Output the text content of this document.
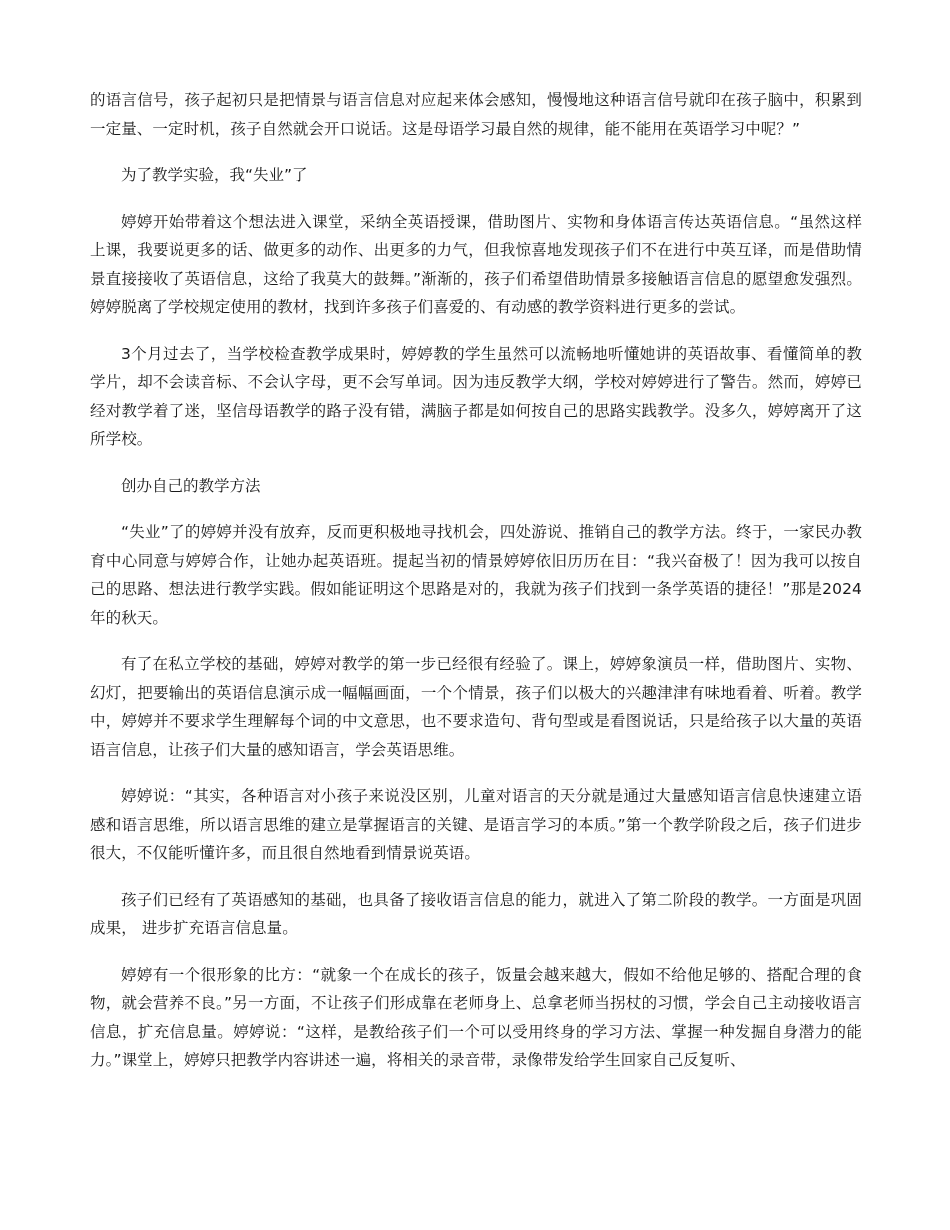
的语言信号，孩子起初只是把情景与语言信息对应起来体会感知，慢慢地这种语言信号就印在孩子脑中，积累到一定量、一定时机，孩子自然就会开口说话。这是母语学习最自然的规律，能不能用在英语学习中呢？”

为了教学实验，我“失业”了

婷婷开始带着这个想法进入课堂，采纳全英语授课，借助图片、实物和身体语言传达英语信息。“虽然这样上课，我要说更多的话、做更多的动作、出更多的力气，但我惊喜地发现孩子们不在进行中英互译，而是借助情景直接接收了英语信息，这给了我莫大的鼓舞。”渐渐的，孩子们希望借助情景多接触语言信息的愿望愈发强烈。婷婷脱离了学校规定使用的教材，找到许多孩子们喜爱的、有动感的教学资料进行更多的尝试。

3个月过去了，当学校检查教学成果时，婷婷教的学生虽然可以流畅地听懂她讲的英语故事、看懂简单的教学片，却不会读音标、不会认字母，更不会写单词。因为违反教学大纲，学校对婷婷进行了警告。然而，婷婷已经对教学着了迷，坚信母语教学的路子没有错，满脑子都是如何按自己的思路实践教学。没多久，婷婷离开了这所学校。

创办自己的教学方法

“失业”了的婷婷并没有放弃，反而更积极地寻找机会，四处游说、推销自己的教学方法。终于，一家民办教育中心同意与婷婷合作，让她办起英语班。提起当初的情景婷婷依旧历历在目：“我兴奋极了！因为我可以按自己的思路、想法进行教学实践。假如能证明这个思路是对的，我就为孩子们找到一条学英语的捷径！”那是2024年的秋天。

有了在私立学校的基础，婷婷对教学的第一步已经很有经验了。课上，婷婷象演员一样，借助图片、实物、幻灯，把要输出的英语信息演示成一幅幅画面，一个个情景，孩子们以极大的兴趣津津有味地看着、听着。教学中，婷婷并不要求学生理解每个词的中文意思，也不要求造句、背句型或是看图说话，只是给孩子以大量的英语语言信息，让孩子们大量的感知语言，学会英语思维。

婷婷说：“其实，各种语言对小孩子来说没区别，儿童对语言的天分就是通过大量感知语言信息快速建立语感和语言思维，所以语言思维的建立是掌握语言的关键、是语言学习的本质。”第一个教学阶段之后，孩子们进步很大，不仅能听懂许多，而且很自然地看到情景说英语。

孩子们已经有了英语感知的基础，也具备了接收语言信息的能力，就进入了第二阶段的教学。一方面是巩固成果， 进步扩充语言信息量。

婷婷有一个很形象的比方：“就象一个在成长的孩子，饭量会越来越大，假如不给他足够的、搭配合理的食物，就会营养不良。”另一方面，不让孩子们形成靠在老师身上、总拿老师当拐杖的习惯，学会自己主动接收语言信息，扩充信息量。婷婷说：“这样，是教给孩子们一个可以受用终身的学习方法、掌握一种发掘自身潜力的能力。”课堂上，婷婷只把教学内容讲述一遍，将相关的录音带，录像带发给学生回家自己反复听、
